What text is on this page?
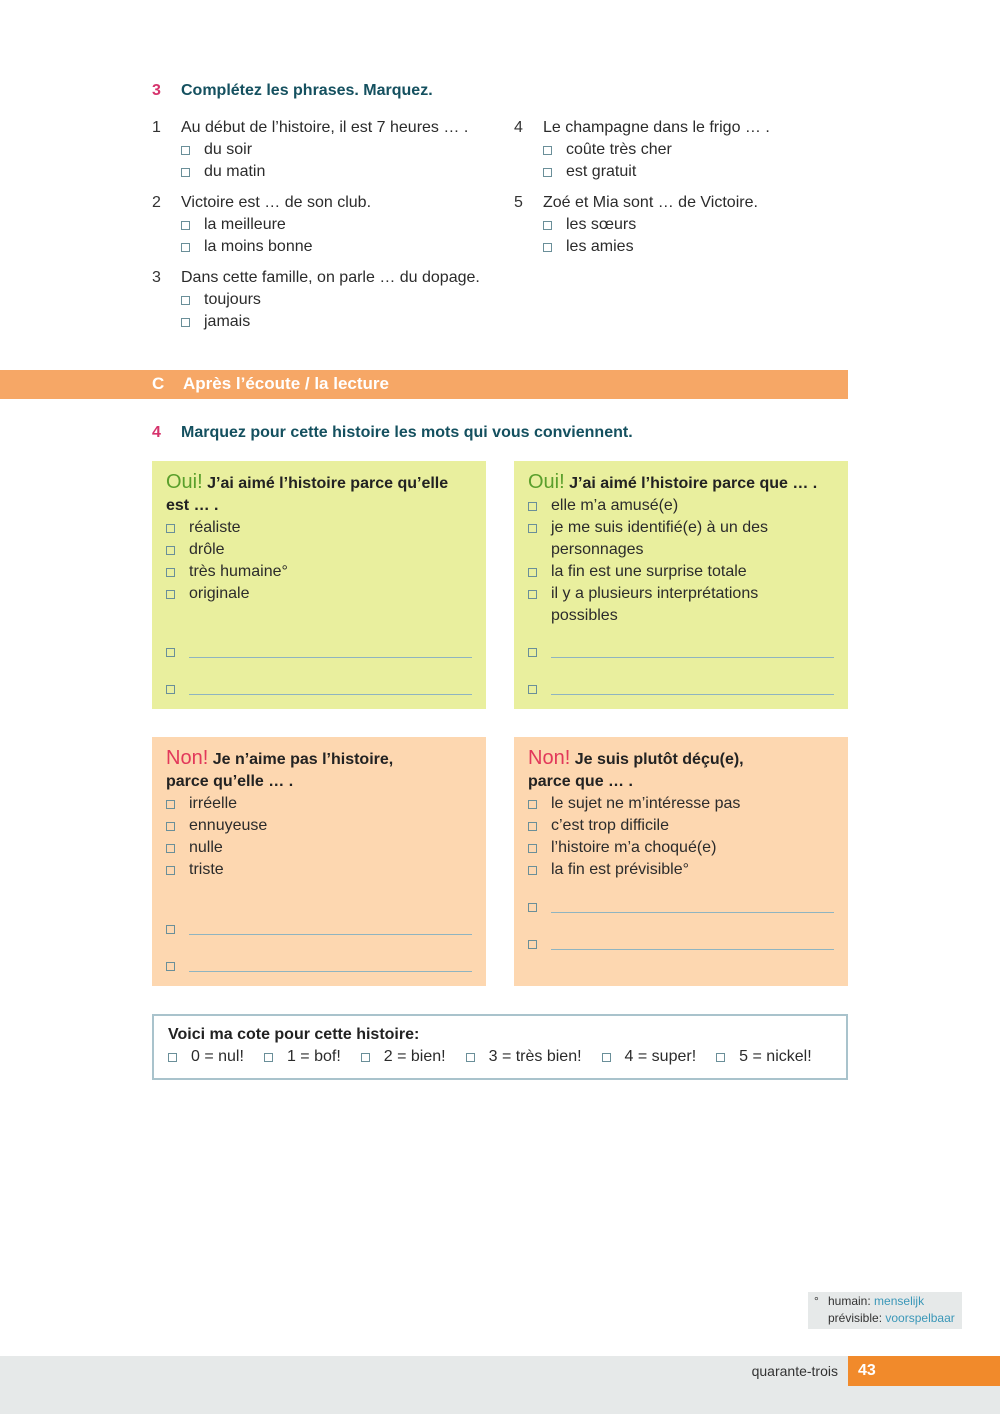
3 Complétez les phrases. Marquez.
1	Au début de l’histoire, il est 7 heures … .
du soir
du matin
2	Victoire est … de son club.
la meilleure
la moins bonne
3	Dans cette famille, on parle … du dopage.
toujours
jamais
4	Le champagne dans le frigo … .
coûte très cher
est gratuit
5	Zoé et Mia sont … de Victoire.
les sœurs
les amies
C Après l’écoute / la lecture
4 Marquez pour cette histoire les mots qui vous conviennent.
Oui! J’ai aimé l’histoire parce qu’elle est … .
réaliste
drôle
très humaine°
originale
Oui! J’ai aimé l’histoire parce que … .
elle m’a amusé(e)
je me suis identifié(e) à un des personnages
la fin est une surprise totale
il y a plusieurs interprétations possibles
Non! Je n’aime pas l’histoire, parce qu’elle … .
irréelle
ennuyeuse
nulle
triste
Non! Je suis plutôt déçu(e), parce que … .
le sujet ne m’intéresse pas
c’est trop difficile
l’histoire m’a choqué(e)
la fin est prévisible°
Voici ma cote pour cette histoire:
0 = nul!	1 = bof!	2 = bien!	3 = très bien!	4 = super!	5 = nickel!
° humain: menselijk
prévisible: voorspelbaar
quarante-trois	43
